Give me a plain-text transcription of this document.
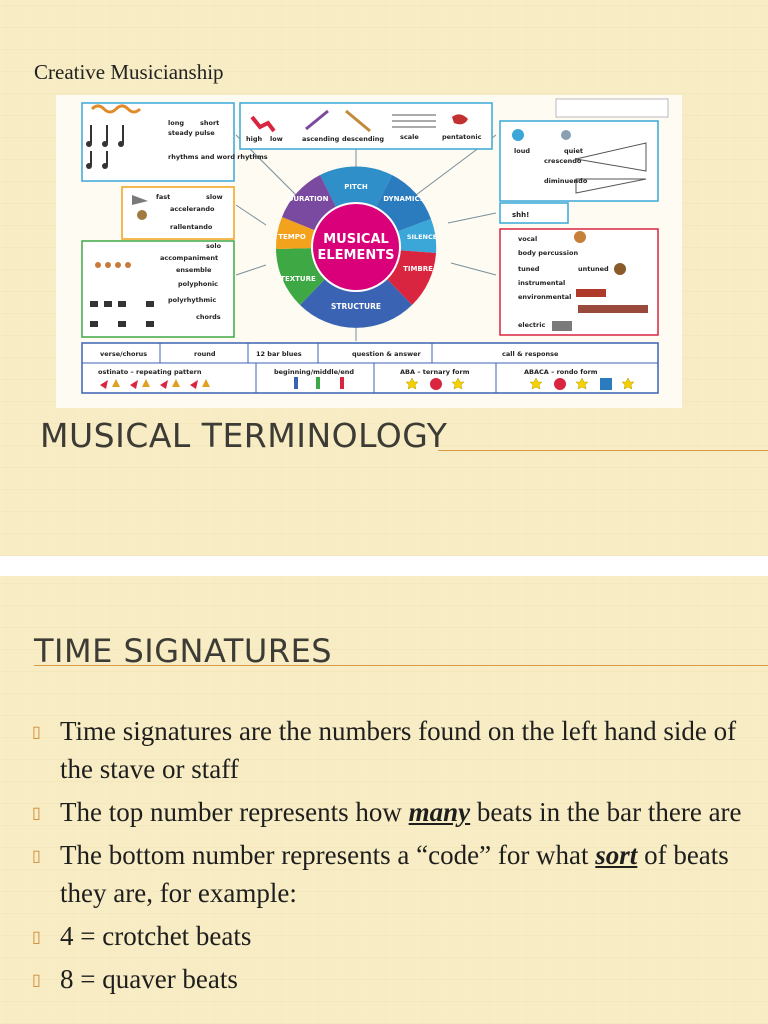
Creative Musicianship
long short
steady pulse
rhythms and word rhythms
high low	ascending descending scale	pentatonic
loud	quiet
crescendo
diminuendo
shh!
fast	slow
accelerando
rallentando
solo
accompaniment
ensemble
polyphonic
polyrhythmic
chords
vocal
body percussion
tuned	untuned
instrumental
environmental
electric
MUSICAL
ELEMENTS
PITCH
DYNAMICS
SILENCE
TIMBRE
STRUCTURE
TEXTURE
TEMPO
DURATION
verse/chorus	round	12 bar blues	question & answer	call & response
ostinato – repeating pattern	beginning/middle/end	ABA – ternary form	ABACA – rondo form
MUSICAL TERMINOLOGY
TIME SIGNATURES
▯ Time signatures are the numbers found on the left hand side of the stave or staff
▯ The top number represents how many beats in the bar there are
▯ The bottom number represents a “code” for what sort of beats they are, for example:
▯ 4 = crotchet beats
▯ 8 = quaver beats
